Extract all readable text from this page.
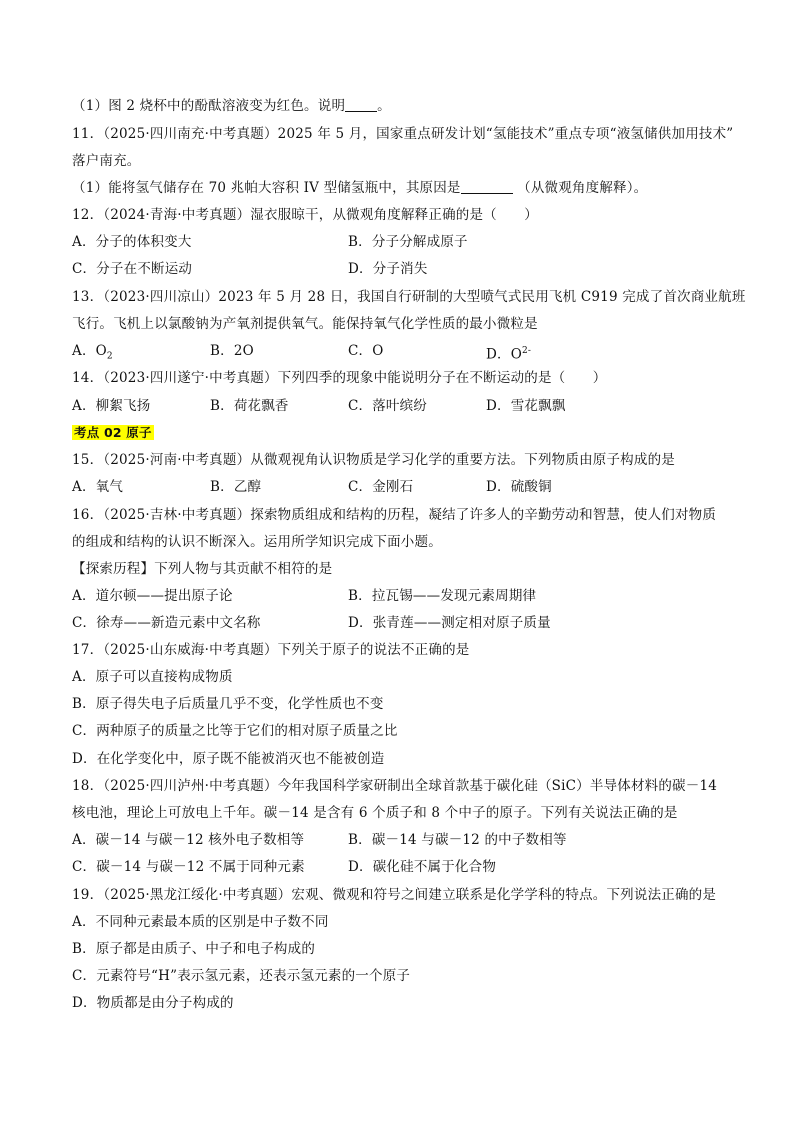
（1）图 2 烧杯中的酚酞溶液变为红色。说明 。
11．（2025·四川南充·中考真题）2025 年 5 月，国家重点研发计划“氢能技术”重点专项“液氢储供加用技术”
落户南充。
（1）能将氢气储存在 70 兆帕大容积 IV 型储氢瓶中，其原因是	（从微观角度解释）。
12．（2024·青海·中考真题）湿衣服晾干，从微观角度解释正确的是（　　）
A．分子的体积变大	B．分子分解成原子
C．分子在不断运动	D．分子消失
13．（2023·四川凉山）2023 年 5 月 28 日，我国自行研制的大型喷气式民用飞机 C919 完成了首次商业航班
飞行。飞机上以氯酸钠为产氧剂提供氧气。能保持氧气化学性质的最小微粒是
A．$O_2$	B．2O	C．O	D．$O^{2-}$
14．（2023·四川遂宁·中考真题）下列四季的现象中能说明分子在不断运动的是（　　）
A．柳絮飞扬	B．荷花飘香	C．落叶缤纷	D．雪花飘飘
考点 02 原子
15．（2025·河南·中考真题）从微观视角认识物质是学习化学的重要方法。下列物质由原子构成的是
A．氧气	B．乙醇	C．金刚石	D．硫酸铜
16．（2025·吉林·中考真题）探索物质组成和结构的历程，凝结了许多人的辛勤劳动和智慧，使人们对物质
的组成和结构的认识不断深入。运用所学知识完成下面小题。
【探索历程】下列人物与其贡献不相符的是
A．道尔顿——提出原子论	B．拉瓦锡——发现元素周期律
C．徐寿——新造元素中文名称	D．张青莲——测定相对原子质量
17．（2025·山东威海·中考真题）下列关于原子的说法不正确的是
A．原子可以直接构成物质
B．原子得失电子后质量几乎不变，化学性质也不变
C．两种原子的质量之比等于它们的相对原子质量之比
D．在化学变化中，原子既不能被消灭也不能被创造
18．（2025·四川泸州·中考真题）今年我国科学家研制出全球首款基于碳化硅（SiC）半导体材料的碳－14
核电池，理论上可放电上千年。碳－14 是含有 6 个质子和 8 个中子的原子。下列有关说法正确的是
A．碳－14 与碳－12 核外电子数相等	B．碳－14 与碳－12 的中子数相等
C．碳－14 与碳－12 不属于同种元素	D．碳化硅不属于化合物
19．（2025·黑龙江绥化·中考真题）宏观、微观和符号之间建立联系是化学学科的特点。下列说法正确的是
A．不同种元素最本质的区别是中子数不同
B．原子都是由质子、中子和电子构成的
C．元素符号“H”表示氢元素，还表示氢元素的一个原子
D．物质都是由分子构成的
